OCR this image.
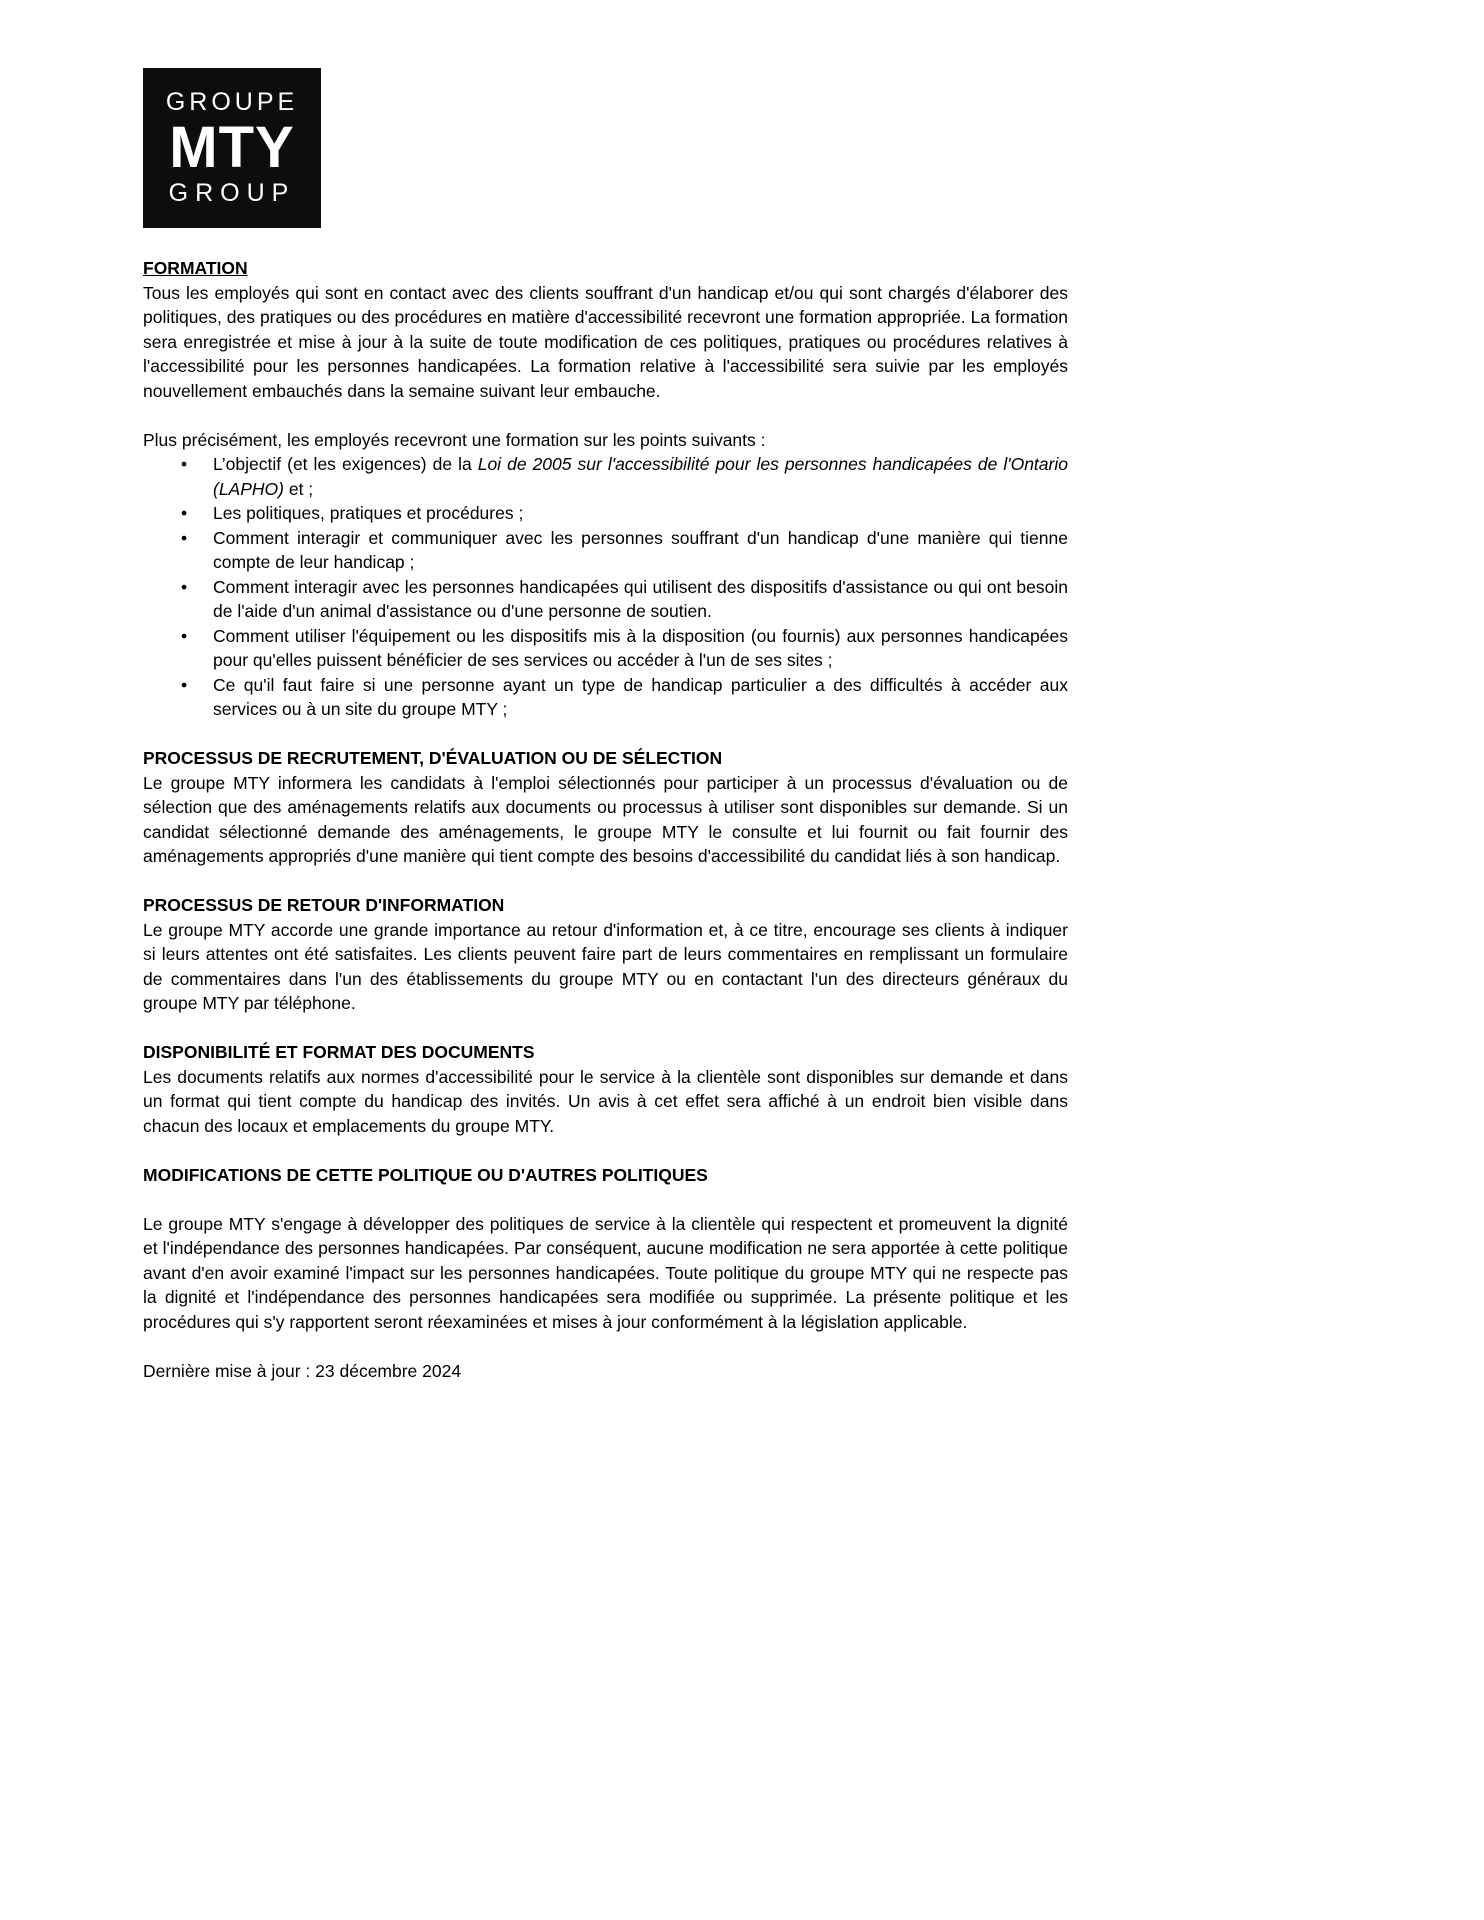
GROUPE
MTY
GROUP
FORMATION

Tous les employés qui sont en contact avec des clients souffrant d'un handicap et/ou qui sont chargés d'élaborer des politiques, des pratiques ou des procédures en matière d'accessibilité recevront une formation appropriée. La formation sera enregistrée et mise à jour à la suite de toute modification de ces politiques, pratiques ou procédures relatives à l'accessibilité pour les personnes handicapées. La formation relative à l'accessibilité sera suivie par les employés nouvellement embauchés dans la semaine suivant leur embauche.

Plus précisément, les employés recevront une formation sur les points suivants :

• L’objectif (et les exigences) de la Loi de 2005 sur l'accessibilité pour les personnes handicapées de l'Ontario (LAPHO) et ;
• Les politiques, pratiques et procédures ;
• Comment interagir et communiquer avec les personnes souffrant d'un handicap d'une manière qui tienne compte de leur handicap ;
• Comment interagir avec les personnes handicapées qui utilisent des dispositifs d'assistance ou qui ont besoin de l'aide d'un animal d'assistance ou d'une personne de soutien.
• Comment utiliser l'équipement ou les dispositifs mis à la disposition (ou fournis) aux personnes handicapées pour qu'elles puissent bénéficier de ses services ou accéder à l'un de ses sites ;
• Ce qu'il faut faire si une personne ayant un type de handicap particulier a des difficultés à accéder aux services ou à un site du groupe MTY ;
PROCESSUS DE RECRUTEMENT, D'ÉVALUATION OU DE SÉLECTION

Le groupe MTY informera les candidats à l'emploi sélectionnés pour participer à un processus d'évaluation ou de sélection que des aménagements relatifs aux documents ou processus à utiliser sont disponibles sur demande. Si un candidat sélectionné demande des aménagements, le groupe MTY le consulte et lui fournit ou fait fournir des aménagements appropriés d'une manière qui tient compte des besoins d'accessibilité du candidat liés à son handicap.

PROCESSUS DE RETOUR D'INFORMATION

Le groupe MTY accorde une grande importance au retour d'information et, à ce titre, encourage ses clients à indiquer si leurs attentes ont été satisfaites. Les clients peuvent faire part de leurs commentaires en remplissant un formulaire de commentaires dans l'un des établissements du groupe MTY ou en contactant l'un des directeurs généraux du groupe MTY par téléphone.

DISPONIBILITÉ ET FORMAT DES DOCUMENTS

Les documents relatifs aux normes d'accessibilité pour le service à la clientèle sont disponibles sur demande et dans un format qui tient compte du handicap des invités. Un avis à cet effet sera affiché à un endroit bien visible dans chacun des locaux et emplacements du groupe MTY.

MODIFICATIONS DE CETTE POLITIQUE OU D'AUTRES POLITIQUES

Le groupe MTY s'engage à développer des politiques de service à la clientèle qui respectent et promeuvent la dignité et l'indépendance des personnes handicapées. Par conséquent, aucune modification ne sera apportée à cette politique avant d'en avoir examiné l'impact sur les personnes handicapées. Toute politique du groupe MTY qui ne respecte pas la dignité et l'indépendance des personnes handicapées sera modifiée ou supprimée. La présente politique et les procédures qui s'y rapportent seront réexaminées et mises à jour conformément à la législation applicable.

Dernière mise à jour : 23 décembre 2024
